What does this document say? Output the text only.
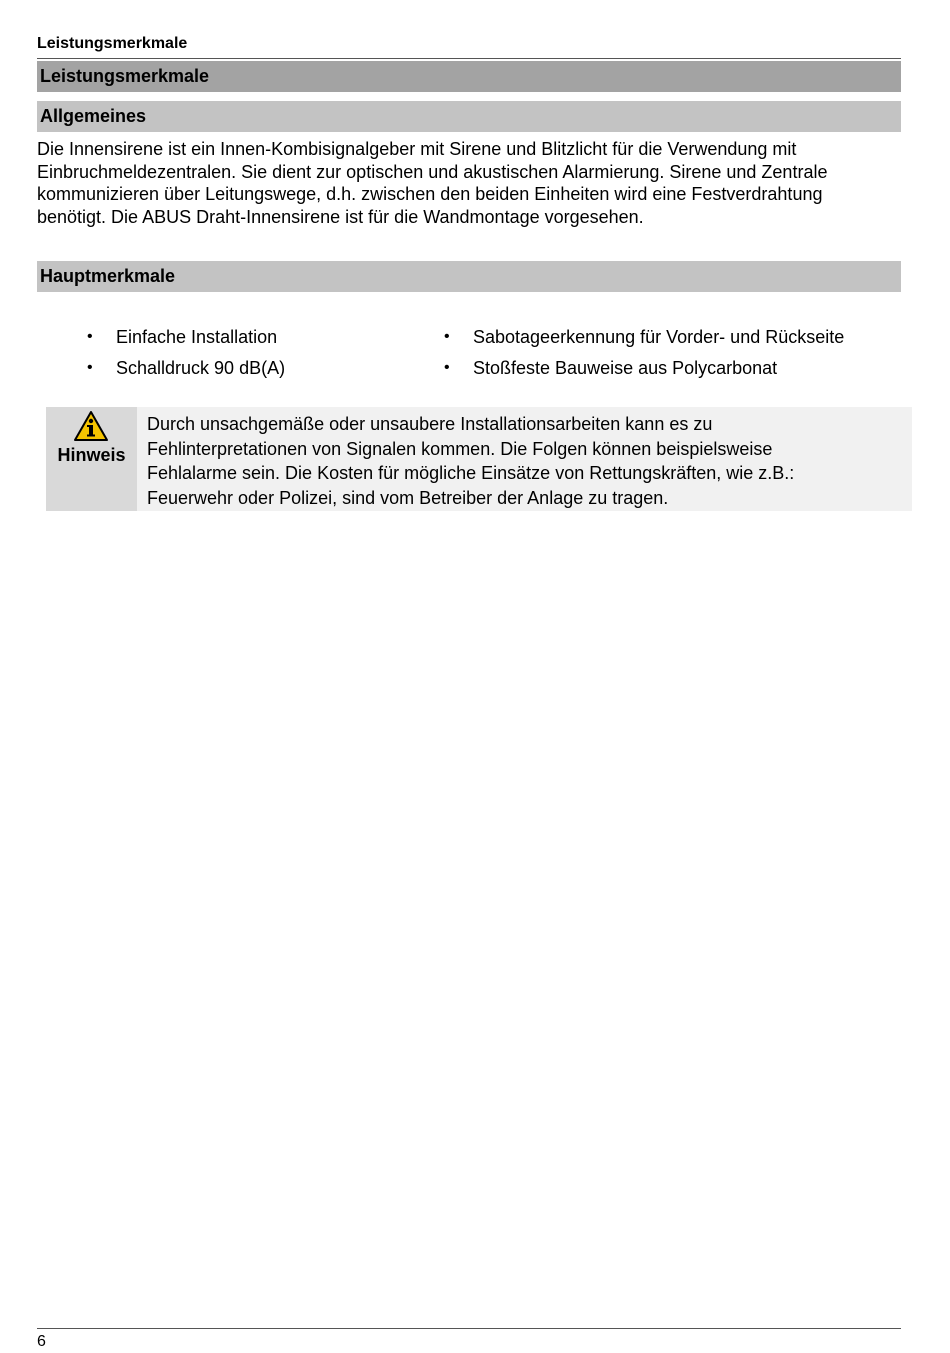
Leistungsmerkmale
Leistungsmerkmale
Allgemeines

Die Innensirene ist ein Innen-Kombisignalgeber mit Sirene und Blitzlicht für die Verwendung mit

Einbruchmeldezentralen. Sie dient zur optischen und akustischen Alarmierung. Sirene und Zentrale

kommunizieren über Leitungswege, d.h. zwischen den beiden Einheiten wird eine Festverdrahtung

benötigt. Die ABUS Draht-Innensirene ist für die Wandmontage vorgesehen.

Hauptmerkmale
• Einfache Installation
• Schalldruck 90 dB(A)
• Sabotageerkennung für Vorder- und Rückseite
• Stoßfeste Bauweise aus Polycarbonat
Hinweis

Durch unsachgemäße oder unsaubere Installationsarbeiten kann es zu

Fehlinterpretationen von Signalen kommen. Die Folgen können beispielsweise

Fehlalarme sein. Die Kosten für mögliche Einsätze von Rettungskräften, wie z.B.:

Feuerwehr oder Polizei, sind vom Betreiber der Anlage zu tragen.

6
